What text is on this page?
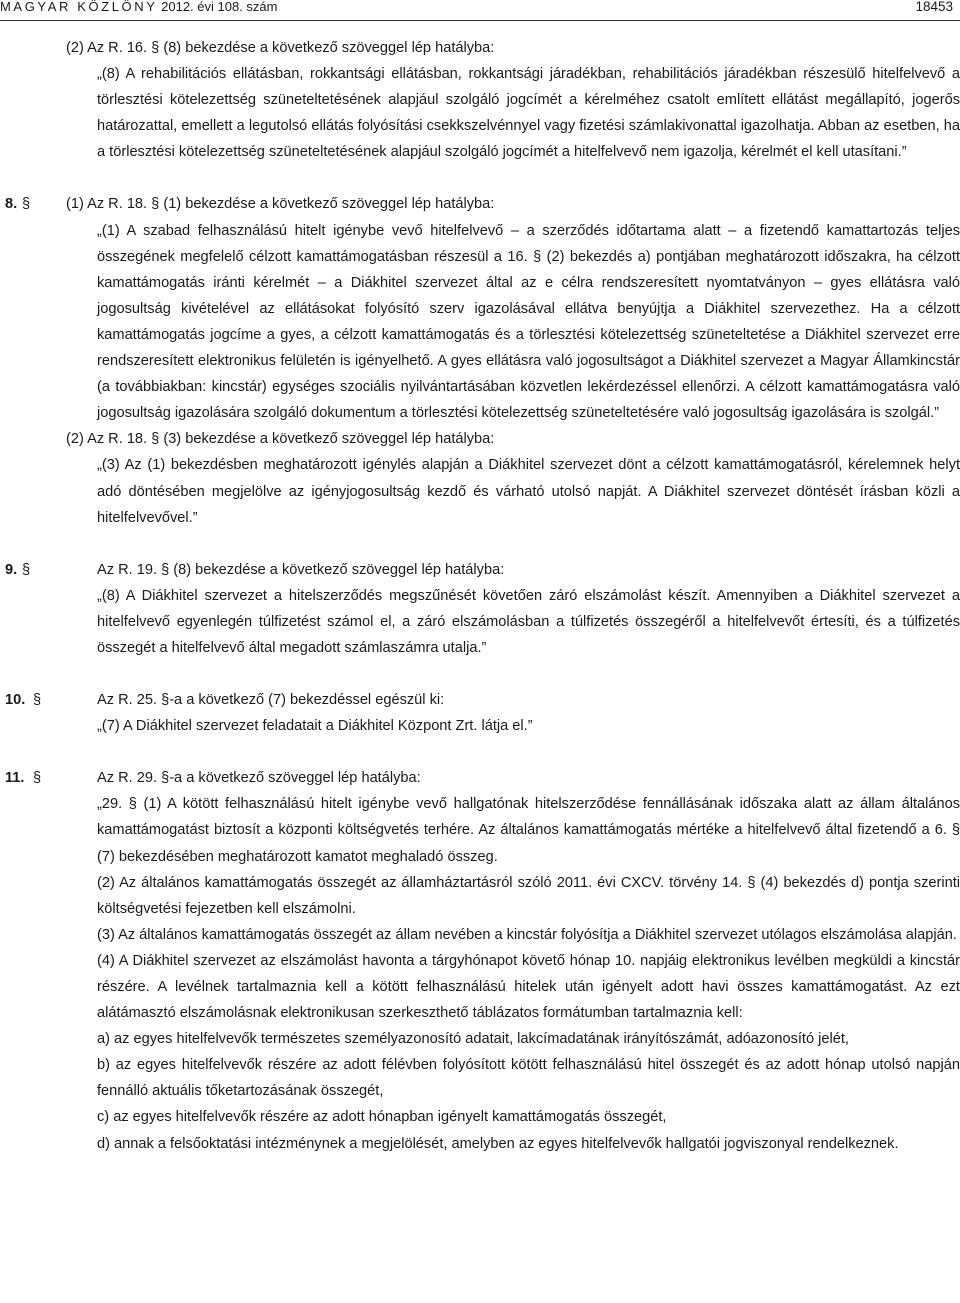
MAGYAR KÖZLÖNY 2012. évi 108. szám	18453

(2) Az R. 16. § (8) bekezdése a következő szöveggel lép hatályba:

„(8) A rehabilitációs ellátásban, rokkantsági ellátásban, rokkantsági járadékban, rehabilitációs járadékban részesülő hitelfelvevő a törlesztési kötelezettség szüneteltetésének alapjául szolgáló jogcímét a kérelméhez csatolt említett ellátást megállapító, jogerős határozattal, emellett a legutolsó ellátás folyósítási csekkszelvénnyel vagy fizetési számlakivonattal igazolhatja. Abban az esetben, ha a törlesztési kötelezettség szüneteltetésének alapjául szolgáló jogcímét a hitelfelvevő nem igazolja, kérelmét el kell utasítani.”

8. § (1) Az R. 18. § (1) bekezdése a következő szöveggel lép hatályba:

„(1) A szabad felhasználású hitelt igénybe vevő hitelfelvevő – a szerződés időtartama alatt – a fizetendő kamattartozás teljes összegének megfelelő célzott kamattámogatásban részesül a 16. § (2) bekezdés a) pontjában meghatározott időszakra, ha célzott kamattámogatás iránti kérelmét – a Diákhitel szervezet által az e célra rendszeresített nyomtatványon – gyes ellátásra való jogosultság kivételével az ellátásokat folyósító szerv igazolásával ellátva benyújtja a Diákhitel szervezethez. Ha a célzott kamattámogatás jogcíme a gyes, a célzott kamattámogatás és a törlesztési kötelezettség szüneteltetése a Diákhitel szervezet erre rendszeresített elektronikus felületén is igényelhető. A gyes ellátásra való jogosultságot a Diákhitel szervezet a Magyar Államkincstár (a továbbiakban: kincstár) egységes szociális nyilvántartásában közvetlen lekérdezéssel ellenőrzi. A célzott kamattámogatásra való jogosultság igazolására szolgáló dokumentum a törlesztési kötelezettség szüneteltetésére való jogosultság igazolására is szolgál.”

(2) Az R. 18. § (3) bekezdése a következő szöveggel lép hatályba:

„(3) Az (1) bekezdésben meghatározott igénylés alapján a Diákhitel szervezet dönt a célzott kamattámogatásról, kérelemnek helyt adó döntésében megjelölve az igényjogosultság kezdő és várható utolsó napját. A Diákhitel szervezet döntését írásban közli a hitelfelvevővel.”

9. §	Az R. 19. § (8) bekezdése a következő szöveggel lép hatályba:

„(8) A Diákhitel szervezet a hitelszerződés megszűnését követően záró elszámolást készít. Amennyiben a Diákhitel szervezet a hitelfelvevő egyenlegén túlfizetést számol el, a záró elszámolásban a túlfizetés összegéről a hitelfelvevőt értesíti, és a túlfizetés összegét a hitelfelvevő által megadott számlaszámra utalja.”

10. §	Az R. 25. §-a a következő (7) bekezdéssel egészül ki:

„(7) A Diákhitel szervezet feladatait a Diákhitel Központ Zrt. látja el.”

11. §	Az R. 29. §-a a következő szöveggel lép hatályba:

„29. § (1) A kötött felhasználású hitelt igénybe vevő hallgatónak hitelszerződése fennállásának időszaka alatt az állam általános kamattámogatást biztosít a központi költségvetés terhére. Az általános kamattámogatás mértéke a hitelfelvevő által fizetendő a 6. § (7) bekezdésében meghatározott kamatot meghaladó összeg.

(2) Az általános kamattámogatás összegét az államháztartásról szóló 2011. évi CXCV. törvény 14. § (4) bekezdés d) pontja szerinti költségvetési fejezetben kell elszámolni.

(3) Az általános kamattámogatás összegét az állam nevében a kincstár folyósítja a Diákhitel szervezet utólagos elszámolása alapján.

(4) A Diákhitel szervezet az elszámolást havonta a tárgyhónapot követő hónap 10. napjáig elektronikus levélben megküldi a kincstár részére. A levélnek tartalmaznia kell a kötött felhasználású hitelek után igényelt adott havi összes kamattámogatást. Az ezt alátámasztó elszámolásnak elektronikusan szerkeszthető táblázatos formátumban tartalmaznia kell:

a) az egyes hitelfelvevők természetes személyazonosító adatait, lakcímadatának irányítószámát, adóazonosító jelét,

b) az egyes hitelfelvevők részére az adott félévben folyósított kötött felhasználású hitel összegét és az adott hónap utolsó napján fennálló aktuális tőketartozásának összegét,

c) az egyes hitelfelvevők részére az adott hónapban igényelt kamattámogatás összegét,

d) annak a felsőoktatási intézménynek a megjelölését, amelyben az egyes hitelfelvevők hallgatói jogviszonyal rendelkeznek.
